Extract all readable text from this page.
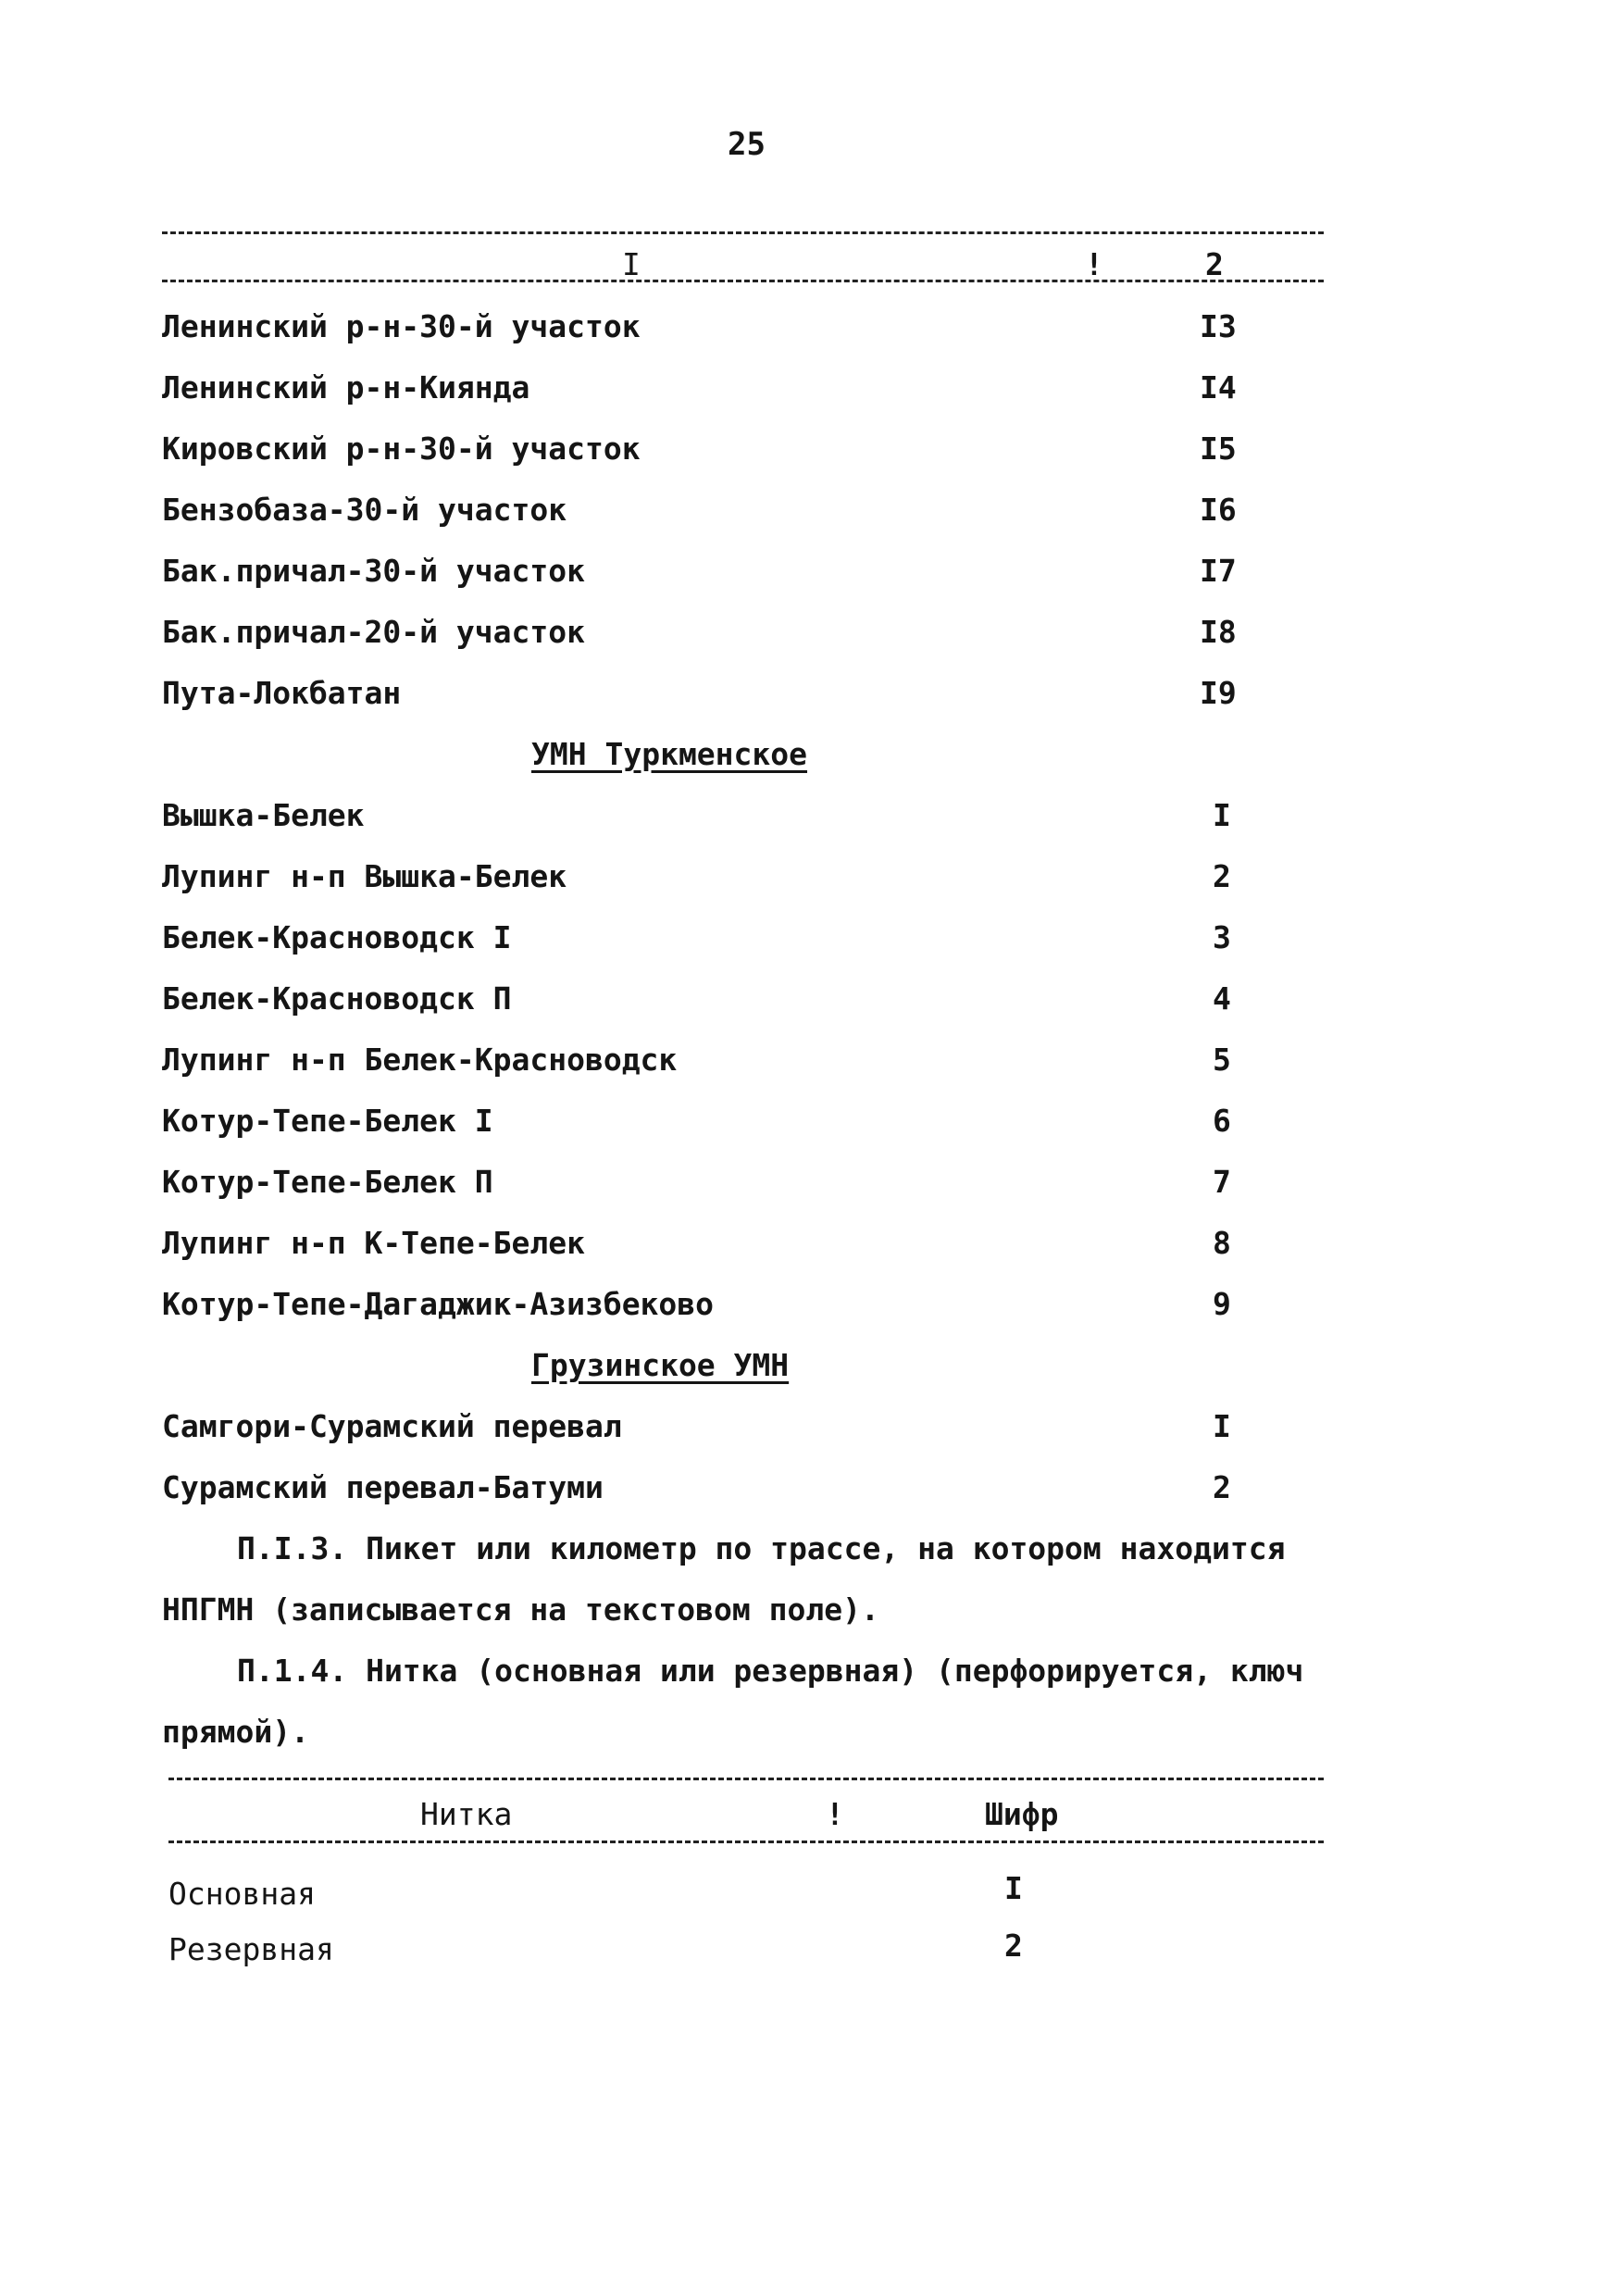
25
I	!	2
Ленинский р-н-30-й участок	I3
Ленинский р-н-Киянда	I4
Кировский р-н-30-й участок	I5
Бензобаза-30-й участок	I6
Бак.причал-30-й участок	I7
Бак.причал-20-й участок	I8
Пута-Локбатан	I9
УМН Туркменское
Вышка-Белек	I
Лупинг н-п Вышка-Белек	2
Белек-Красноводск I	3
Белек-Красноводск П	4
Лупинг н-п Белек-Красноводск	5
Котур-Тепе-Белек I	6
Котур-Тепе-Белек П	7
Лупинг н-п К-Тепе-Белек	8
Котур-Тепе-Дагаджик-Азизбеково	9
Грузинское УМН
Самгори-Сурамский перевал	I
Сурамский перевал-Батуми	2
П.I.3. Пикет или километр по трассе, на котором находится
НПГМН (записывается на текстовом поле).
П.1.4. Нитка (основная или резервная) (перфорируется, ключ
прямой).
Нитка	!	Шифр
Основная	I
Резервная	2
